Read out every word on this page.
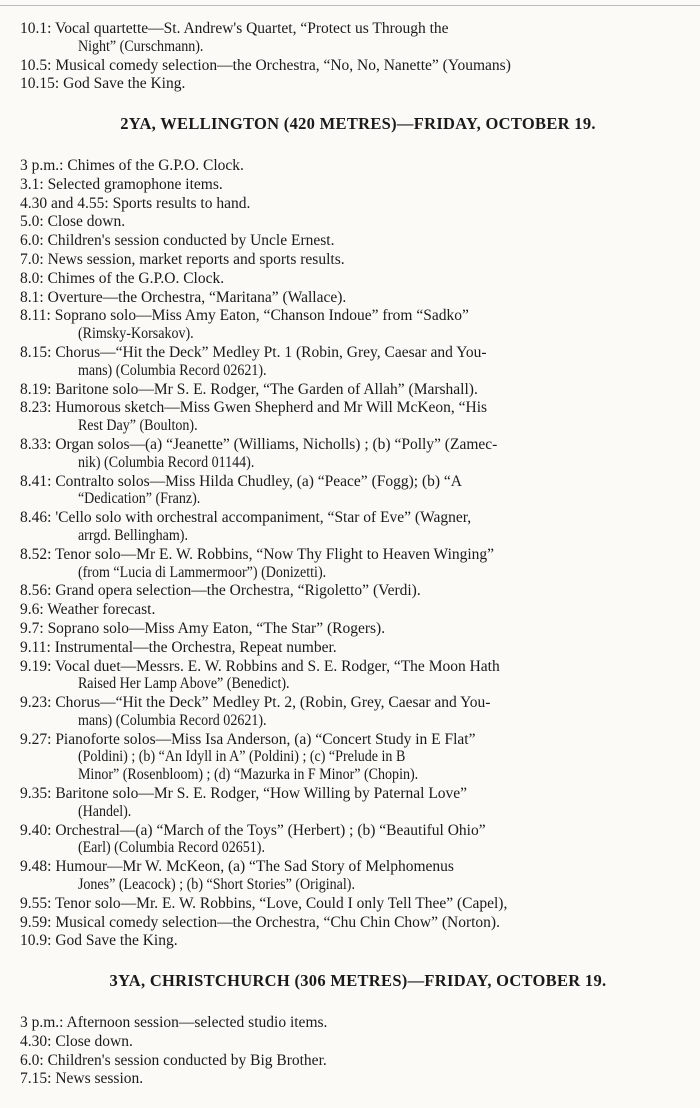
10.1: Vocal quartette—St. Andrew's Quartet, “Protect us Through the
Night” (Curschmann).
10.5: Musical comedy selection—the Orchestra, “No, No, Nanette” (Youmans)
10.15: God Save the King.
2YA, WELLINGTON (420 METRES)—FRIDAY, OCTOBER 19.
3 p.m.: Chimes of the G.P.O. Clock.
3.1: Selected gramophone items.
4.30 and 4.55: Sports results to hand.
5.0: Close down.
6.0: Children's session conducted by Uncle Ernest.
7.0: News session, market reports and sports results.
8.0: Chimes of the G.P.O. Clock.
8.1: Overture—the Orchestra, “Maritana” (Wallace).
8.11: Soprano solo—Miss Amy Eaton, “Chanson Indoue” from “Sadko”
(Rimsky-Korsakov).
8.15: Chorus—“Hit the Deck” Medley Pt. 1 (Robin, Grey, Caesar and You-
mans) (Columbia Record 02621).
8.19: Baritone solo—Mr S. E. Rodger, “The Garden of Allah” (Marshall).
8.23: Humorous sketch—Miss Gwen Shepherd and Mr Will McKeon, “His
Rest Day” (Boulton).
8.33: Organ solos—(a) “Jeanette” (Williams, Nicholls) ; (b) “Polly” (Zamec-
nik) (Columbia Record 01144).
8.41: Contralto solos—Miss Hilda Chudley, (a) “Peace” (Fogg); (b) “A
“Dedication” (Franz).
8.46: 'Cello solo with orchestral accompaniment, “Star of Eve” (Wagner,
arrgd. Bellingham).
8.52: Tenor solo—Mr E. W. Robbins, “Now Thy Flight to Heaven Winging”
(from “Lucia di Lammermoor”) (Donizetti).
8.56: Grand opera selection—the Orchestra, “Rigoletto” (Verdi).
9.6: Weather forecast.
9.7: Soprano solo—Miss Amy Eaton, “The Star” (Rogers).
9.11: Instrumental—the Orchestra, Repeat number.
9.19: Vocal duet—Messrs. E. W. Robbins and S. E. Rodger, “The Moon Hath
Raised Her Lamp Above” (Benedict).
9.23: Chorus—“Hit the Deck” Medley Pt. 2, (Robin, Grey, Caesar and You-
mans) (Columbia Record 02621).
9.27: Pianoforte solos—Miss Isa Anderson, (a) “Concert Study in E Flat”
(Poldini) ; (b) “An Idyll in A” (Poldini) ; (c) “Prelude in B
Minor” (Rosenbloom) ; (d) “Mazurka in F Minor” (Chopin).
9.35: Baritone solo—Mr S. E. Rodger, “How Willing by Paternal Love”
(Handel).
9.40: Orchestral—(a) “March of the Toys” (Herbert) ; (b) “Beautiful Ohio”
(Earl) (Columbia Record 02651).
9.48: Humour—Mr W. McKeon, (a) “The Sad Story of Melphomenus
Jones” (Leacock) ; (b) “Short Stories” (Original).
9.55: Tenor solo—Mr. E. W. Robbins, “Love, Could I only Tell Thee” (Capel),
9.59: Musical comedy selection—the Orchestra, “Chu Chin Chow” (Norton).
10.9: God Save the King.
3YA, CHRISTCHURCH (306 METRES)—FRIDAY, OCTOBER 19.
3 p.m.: Afternoon session—selected studio items.
4.30: Close down.
6.0: Children's session conducted by Big Brother.
7.15: News session.
